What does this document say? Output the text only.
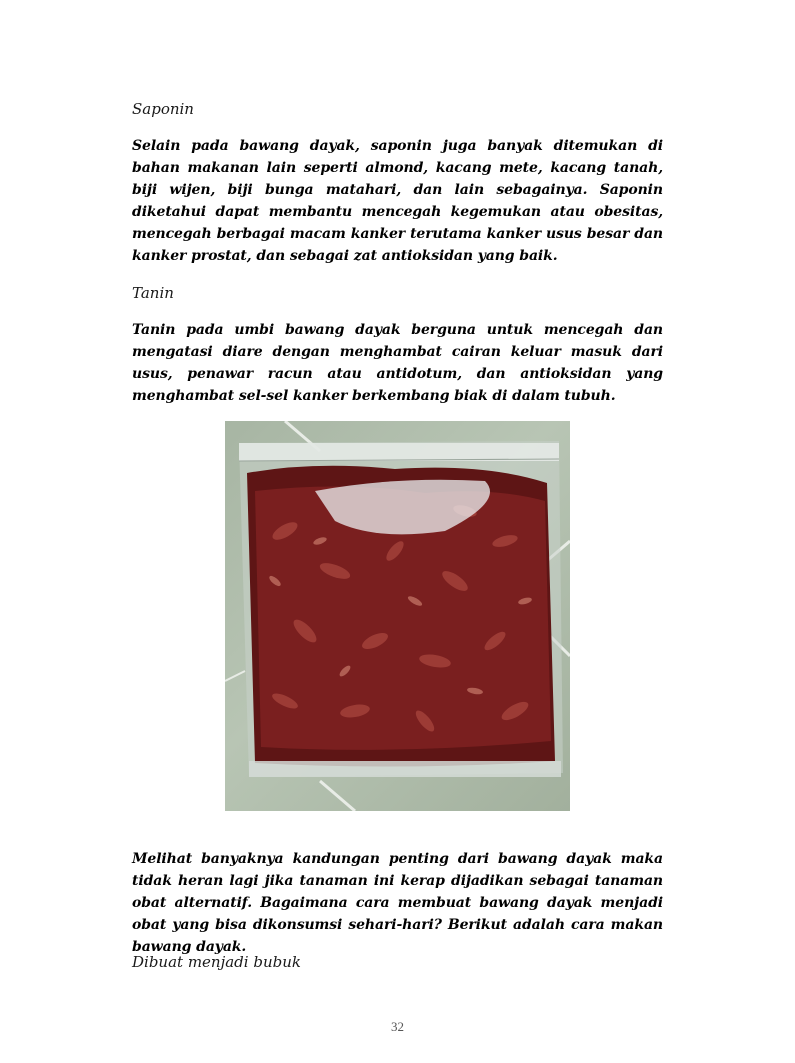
Saponin

Selain pada bawang dayak, saponin juga banyak ditemukan di bahan makanan lain seperti almond, kacang mete, kacang tanah, biji wijen, biji bunga matahari, dan lain sebagainya. Saponin diketahui dapat membantu mencegah kegemukan atau obesitas, mencegah berbagai macam kanker terutama kanker usus besar dan kanker prostat, dan sebagai zat antioksidan yang baik.

Tanin

Tanin pada umbi bawang dayak berguna untuk mencegah dan mengatasi diare dengan menghambat cairan keluar masuk dari usus, penawar racun atau antidotum, dan antioksidan yang menghambat sel-sel kanker berkembang biak di dalam tubuh.

Melihat banyaknya kandungan penting dari bawang dayak maka tidak heran lagi jika tanaman ini kerap dijadikan sebagai tanaman obat alternatif. Bagaimana cara membuat bawang dayak menjadi obat yang bisa dikonsumsi sehari-hari? Berikut adalah cara makan bawang dayak.

Dibuat menjadi bubuk

32
